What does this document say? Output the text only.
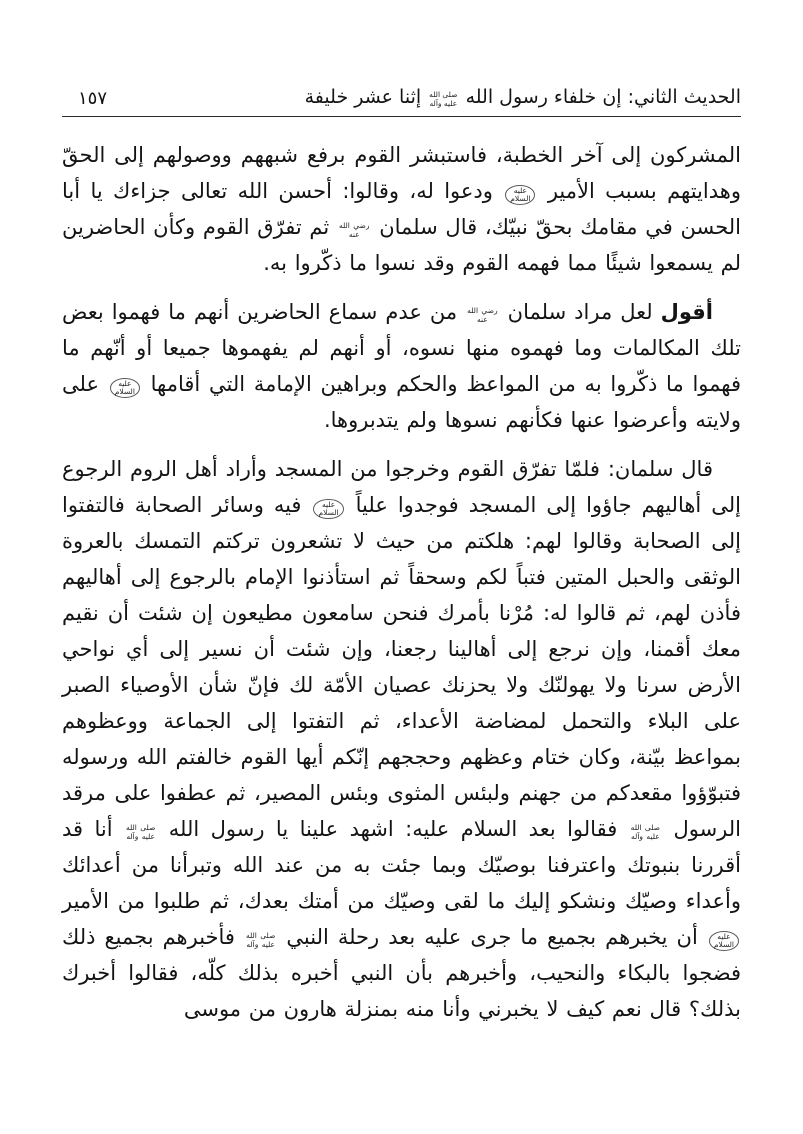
الحديث الثاني: إن خلفاء رسول الله
صلى الله
عليه وآله
إثنا عشر خليفة
١٥٧

المشركون إلى آخر الخطبة، فاستبشر القوم برفع شبههم ووصولهم إلى الحقّ وهدايتهم بسبب الأمير
عليه
السلام
ودعوا له، وقالوا: أحسن الله تعالى جزاءك يا أبا الحسن في مقامك بحقّ نبيّك، قال سلمان
رضي الله
عنه
ثم تفرّق القوم وكأن الحاضرين لم يسمعوا شيئًا مما فهمه القوم وقد نسوا ما ذكّروا به.

أقول لعل مراد سلمان
رضي الله
عنه
من عدم سماع الحاضرين أنهم ما فهموا بعض تلك المكالمات وما فهموه منها نسوه، أو أنهم لم يفهموها جميعا أو أنّهم ما فهموا ما ذكّروا به من المواعظ والحكم وبراهين الإمامة التي أقامها
عليه
السلام
على ولايته وأعرضوا عنها فكأنهم نسوها ولم يتدبروها.

قال سلمان: فلمّا تفرّق القوم وخرجوا من المسجد وأراد أهل الروم الرجوع إلى أهاليهم جاؤوا إلى المسجد فوجدوا علياً
عليه
السلام
فيه وسائر الصحابة فالتفتوا إلى الصحابة وقالوا لهم: هلكتم من حيث لا تشعرون تركتم التمسك بالعروة الوثقى والحبل المتين فتباً لكم وسحقاً ثم استأذنوا الإمام بالرجوع إلى أهاليهم فأذن لهم، ثم قالوا له: مُرْنا بأمرك فنحن سامعون مطيعون إن شئت أن نقيم معك أقمنا، وإن نرجع إلى أهالينا رجعنا، وإن شئت أن نسير إلى أي نواحي الأرض سرنا ولا يهولنّك ولا يحزنك عصيان الأمّة لك فإنّ شأن الأوصياء الصبر على البلاء والتحمل لمضاضة الأعداء، ثم التفتوا إلى الجماعة ووعظوهم بمواعظ بيّنة، وكان ختام وعظهم وحججهم إنّكم أيها القوم خالفتم الله ورسوله فتبوّؤوا مقعدكم من جهنم ولبئس المثوى وبئس المصير، ثم عطفوا على مرقد الرسول
صلى الله
عليه وآله
فقالوا بعد السلام عليه: اشهد علينا يا رسول الله
صلى الله
عليه وآله
أنا قد أقررنا بنبوتك واعترفنا بوصيّك وبما جئت به من عند الله وتبرأنا من أعدائك وأعداء وصيّك ونشكو إليك ما لقى وصيّك من أمتك بعدك، ثم طلبوا من الأمير
عليه
السلام
أن يخبرهم بجميع ما جرى عليه بعد رحلة النبي
صلى الله
عليه وآله
فأخبرهم بجميع ذلك فضجوا بالبكاء والنحيب، وأخبرهم بأن النبي أخبره بذلك كلّه، فقالوا أخبرك بذلك؟ قال نعم كيف لا يخبرني وأنا منه بمنزلة هارون من موسى
